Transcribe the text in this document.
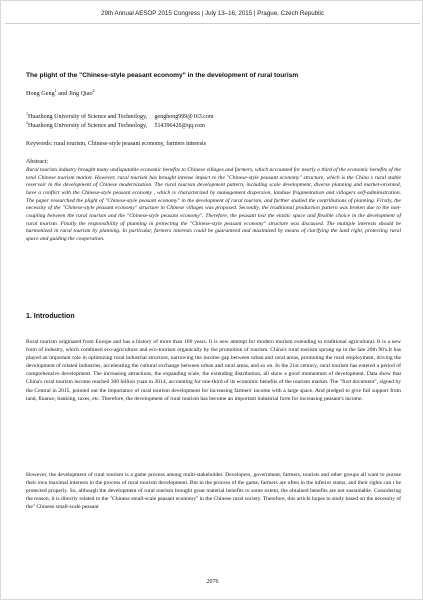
29th Annual AESOP 2015 Congress | July 13–16, 2015 | Prague, Czech Republic
The plight of the "Chinese-style peasant economy" in the development of rural tourism
Hong Geng$^1$ and Jing Qiao$^2$
$^1$Huazhong University of Science and Technology,     genghong999@163.com
$^2$Huazhong University of Science and Technology,     514396426@qq.com
Keywords: rural tourism, Chinese-style peasant economy, farmers interests
Abstract:
Rural tourism industry brought many undisputable economic benefits to Chinese villages and farmers, which accounted for nearly a third of the economic benefits of the total Chinese tourism market. However, rural tourism has brought intense impact to the "Chinese-style peasant economy" structure, which is the China s rural stable reservoir in the development of Chinese modernization. The rural tourism development pattern, including scale development, diverse planning and market-oriented, have a conflict with the Chinese-style peasant economy , which is characterized by management dispersion, landuse fragmentation and villagers self-administration. The paper researched the plight of "Chinese-style peasant economy" in the development of rural tourism, and further studied the contributions of planning. Firstly, the necessity of the "Chinese-style peasant economy" structure in Chinese villages was proposed. Secondly, the traditional production pattern was broken due to the non-coupling between the rural tourism and the "Chinese-style peasant economy". Therefore, the peasant lost the elastic space and flexible choice in the development of rural tourism. Finally the responsibility of planning in protecting the "Chinese-style peasant economy" structure was discussed. The multiple interests should be harmonized in rural tourism by planning. In particular, farmers interests could be guaranteed and maximized by means of clarifying the land right, protecting rural space and guiding the cooperation.
1. Introduction
Rural tourism originated from Europe and has a history of more than 100 years. It is new attempt for modern tourism extending to traditional agricultural. It is a new form of industry, which combined eco-agriculture and eco-tourism organically by the promotion of tourism. China's rural tourism sprung up in the late 20th 90's.It has played an important role in optimizing rural industrial structure, narrowing the income gap between urban and rural areas, promoting the rural employment, driving the development of related industries, accelerating the cultural exchange between urban and rural areas, and so on. In the 21st century, rural tourism has entered a period of comprehensive development. The increasing attractions, the expanding scale, the extending distribution, all show a good momentum of development. Data show that China's rural tourism income reached 300 billion yuan in 2014, accounting for one-third of its economic benefits of the tourism market. The "first document", signed by the Central in 2015, pointed out the importance of rural tourism development for increasing farmers' income with a large space. And pledged to give full support from land, finance, banking, taxes, etc. Therefore, the development of rural tourism has become an important industrial form for increasing peasant's income.
However, the development of rural tourism is a game process among multi-stakeholder. Developers, government, farmers, tourists and other groups all want to pursue their own maximal interests in the process of rural tourism development. But in the process of the game, farmers are often in the inferior status, and their rights can t be protected properly. So, although the development of rural tourism brought great material benefits to some extent, the obtained benefits are not sustainable. Considering the reason, it is directly related to the "Chinese small-scale peasant economy" in the Chinese rural society. Therefore, this article hopes to study based on the necessity of the" Chinese small-scale peasant
2076
